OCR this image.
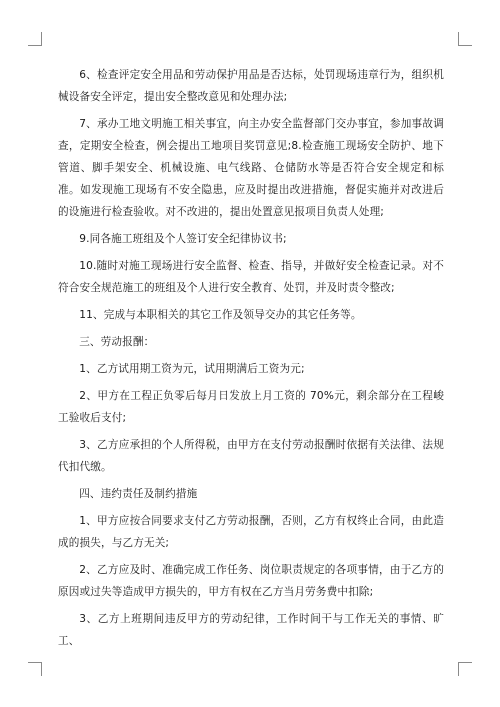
6、检查评定安全用品和劳动保护用品是否达标，处罚现场违章行为，组织机械设备安全评定，提出安全整改意见和处理办法;

7、承办工地文明施工相关事宜，向主办安全监督部门交办事宜，参加事故调查，定期安全检查，例会提出工地项目奖罚意见;8.检查施工现场安全防护、地下管道、脚手架安全、机械设施、电气线路、仓储防水等是否符合安全规定和标准。如发现施工现场有不安全隐患，应及时提出改进措施，督促实施并对改进后的设施进行检查验收。对不改进的，提出处置意见报项目负责人处理;

9.同各施工班组及个人签订安全纪律协议书;

10.随时对施工现场进行安全监督、检查、指导，并做好安全检查记录。对不符合安全规范施工的班组及个人进行安全教育、处罚，并及时责令整改;

11、完成与本职相关的其它工作及领导交办的其它任务等。

三、劳动报酬：

1、乙方试用期工资为元，试用期满后工资为元;

2、甲方在工程正负零后每月日发放上月工资的 70%元，剩余部分在工程峻工验收后支付;

3、乙方应承担的个人所得税，由甲方在支付劳动报酬时依据有关法律、法规代扣代缴。

四、违约责任及制约措施

1、甲方应按合同要求支付乙方劳动报酬，否则，乙方有权终止合同，由此造成的损失，与乙方无关;

2、乙方应及时、准确完成工作任务、岗位职责规定的各项事情，由于乙方的原因或过失等造成甲方损失的，甲方有权在乙方当月劳务费中扣除;

3、乙方上班期间违反甲方的劳动纪律，工作时间干与工作无关的事情、旷工、
